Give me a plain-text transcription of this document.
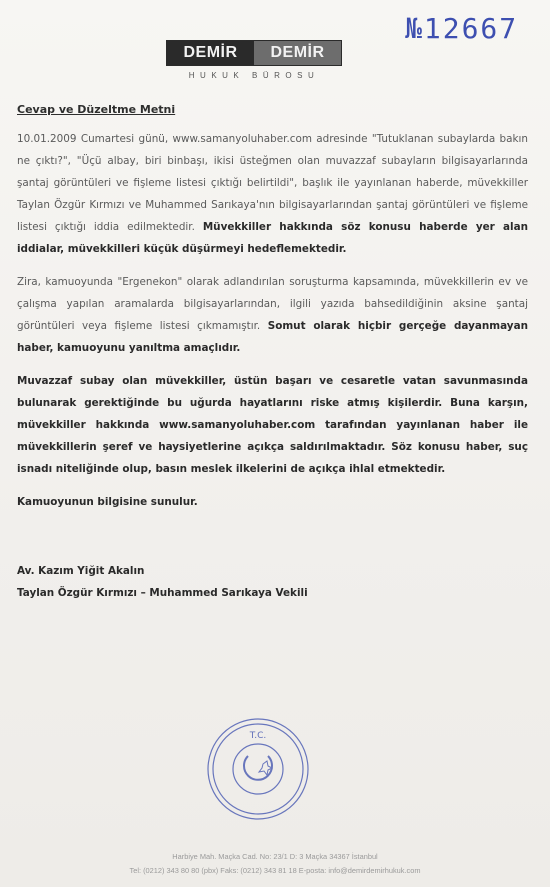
№12667
DEMİR	DEMİR
HUKUK BÜROSU
Cevap ve Düzeltme Metni

10.01.2009 Cumartesi günü, www.samanyoluhaber.com adresinde "Tutuklanan subaylarda bakın ne çıktı?", "Üçü albay, biri binbaşı, ikisi üsteğmen olan muvazzaf subayların bilgisayarlarında şantaj görüntüleri ve fişleme listesi çıktığı belirtildi", başlık ile yayınlanan haberde, müvekkiller Taylan Özgür Kırmızı ve Muhammed Sarıkaya'nın bilgisayarlarından şantaj görüntüleri ve fişleme listesi çıktığı iddia edilmektedir. Müvekkiller hakkında söz konusu haberde yer alan iddialar, müvekkilleri küçük düşürmeyi hedeflemektedir.

Zira, kamuoyunda "Ergenekon" olarak adlandırılan soruşturma kapsamında, müvekkillerin ev ve çalışma yapılan aramalarda bilgisayarlarından, ilgili yazıda bahsedildiğinin aksine şantaj görüntüleri veya fişleme listesi çıkmamıştır. Somut olarak hiçbir gerçeğe dayanmayan haber, kamuoyunu yanıltma amaçlıdır.

Muvazzaf subay olan müvekkiller, üstün başarı ve cesaretle vatan savunmasında bulunarak gerektiğinde bu uğurda hayatlarını riske atmış kişilerdir. Buna karşın, müvekkiller hakkında www.samanyoluhaber.com tarafından yayınlanan haber ile müvekkillerin şeref ve haysiyetlerine açıkça saldırılmaktadır. Söz konusu haber, suç isnadı niteliğinde olup, basın meslek ilkelerini de açıkça ihlal etmektedir.

Kamuoyunun bilgisine sunulur.

Av. Kazım Yiğit Akalın

Taylan Özgür Kırmızı – Muhammed Sarıkaya Vekili

T.C.
Harbiye Mah. Maçka Cad. No: 23/1 D: 3 Maçka 34367 İstanbul
Tel: (0212) 343 80 80 (pbx) Faks: (0212) 343 81 18 E-posta: info@demirdemirhukuk.com
